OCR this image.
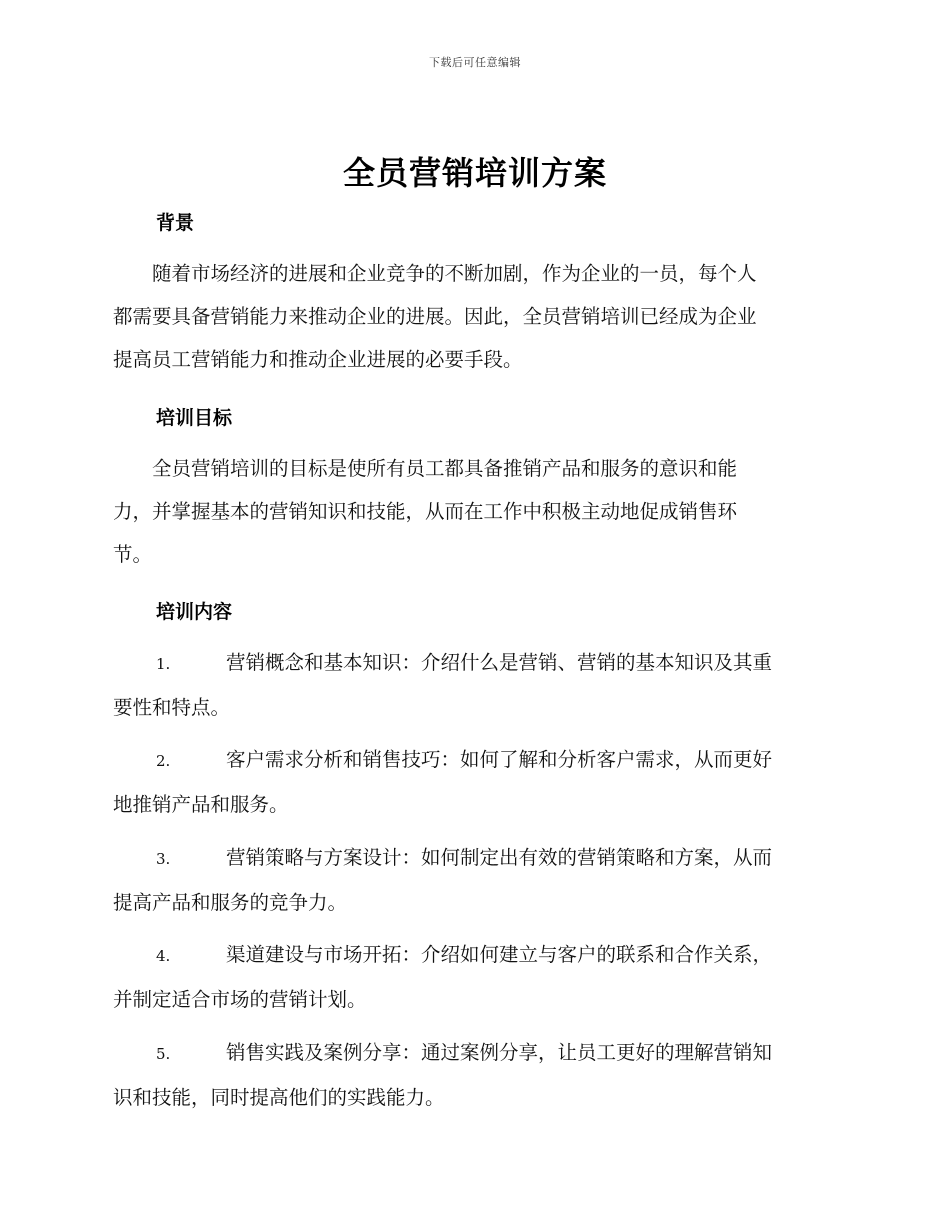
下载后可任意编辑
全员营销培训方案
背景
　　随着市场经济的进展和企业竞争的不断加剧，作为企业的一员，每个人
都需要具备营销能力来推动企业的进展。因此，全员营销培训已经成为企业
提高员工营销能力和推动企业进展的必要手段。
培训目标
　　全员营销培训的目标是使所有员工都具备推销产品和服务的意识和能
力，并掌握基本的营销知识和技能，从而在工作中积极主动地促成销售环
节。
培训内容
1.	营销概念和基本知识：介绍什么是营销、营销的基本知识及其重
要性和特点。
2.	客户需求分析和销售技巧：如何了解和分析客户需求，从而更好
地推销产品和服务。
3.	营销策略与方案设计：如何制定出有效的营销策略和方案，从而
提高产品和服务的竞争力。
4.	渠道建设与市场开拓：介绍如何建立与客户的联系和合作关系，
并制定适合市场的营销计划。
5.	销售实践及案例分享：通过案例分享，让员工更好的理解营销知
识和技能，同时提高他们的实践能力。
